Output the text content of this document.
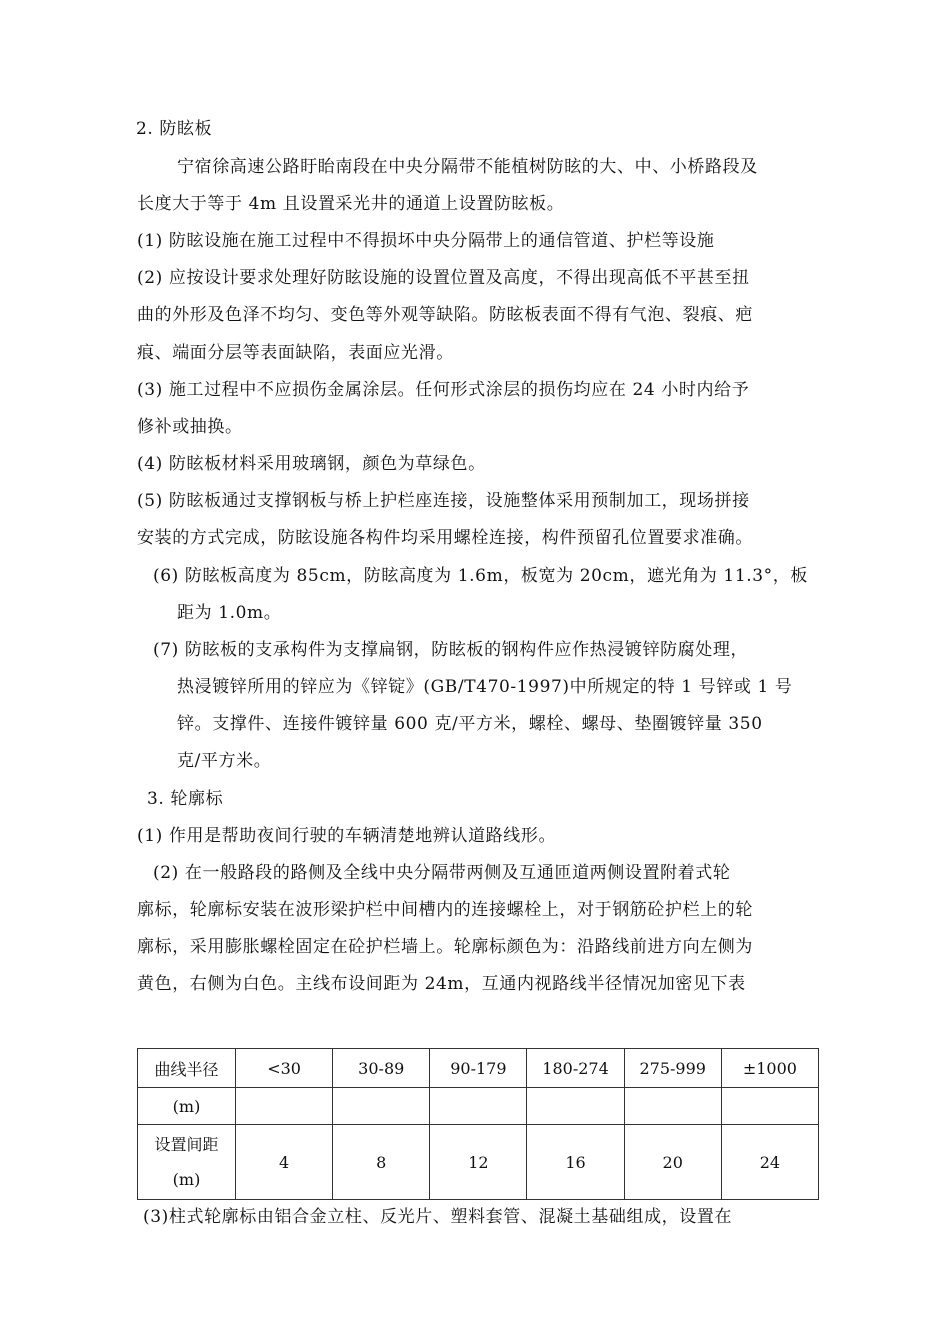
2. 防眩板
宁宿徐高速公路盱眙南段在中央分隔带不能植树防眩的大、中、小桥路段及
长度大于等于 4m 且设置采光井的通道上设置防眩板。
(1) 防眩设施在施工过程中不得损坏中央分隔带上的通信管道、护栏等设施
(2) 应按设计要求处理好防眩设施的设置位置及高度，不得出现高低不平甚至扭
曲的外形及色泽不均匀、变色等外观等缺陷。防眩板表面不得有气泡、裂痕、疤
痕、端面分层等表面缺陷，表面应光滑。
(3) 施工过程中不应损伤金属涂层。任何形式涂层的损伤均应在 24 小时内给予
修补或抽换。
(4) 防眩板材料采用玻璃钢，颜色为草绿色。
(5) 防眩板通过支撑钢板与桥上护栏座连接，设施整体采用预制加工，现场拼接
安装的方式完成，防眩设施各构件均采用螺栓连接，构件预留孔位置要求准确。
(6) 防眩板高度为 85cm，防眩高度为 1.6m，板宽为 20cm，遮光角为 11.3°，板
距为 1.0m。
(7) 防眩板的支承构件为支撑扁钢，防眩板的钢构件应作热浸镀锌防腐处理，
热浸镀锌所用的锌应为《锌锭》(GB/T470-1997)中所规定的特 1 号锌或 1 号
锌。支撑件、连接件镀锌量 600 克/平方米，螺栓、螺母、垫圈镀锌量 350
克/平方米。
3. 轮廓标
(1) 作用是帮助夜间行驶的车辆清楚地辨认道路线形。
(2) 在一般路段的路侧及全线中央分隔带两侧及互通匝道两侧设置附着式轮
廓标，轮廓标安装在波形梁护栏中间槽内的连接螺栓上，对于钢筋砼护栏上的轮
廓标，采用膨胀螺栓固定在砼护栏墙上。轮廓标颜色为：沿路线前进方向左侧为
黄色，右侧为白色。主线布设间距为 24m，互通内视路线半径情况加密见下表
曲线半径	<30	30-89	90-179	180-274	275-999	±1000
(m)						

设置间距
(m)	4	8	12	16	20	24
(3)柱式轮廓标由铝合金立柱、反光片、塑料套管、混凝土基础组成，设置在
